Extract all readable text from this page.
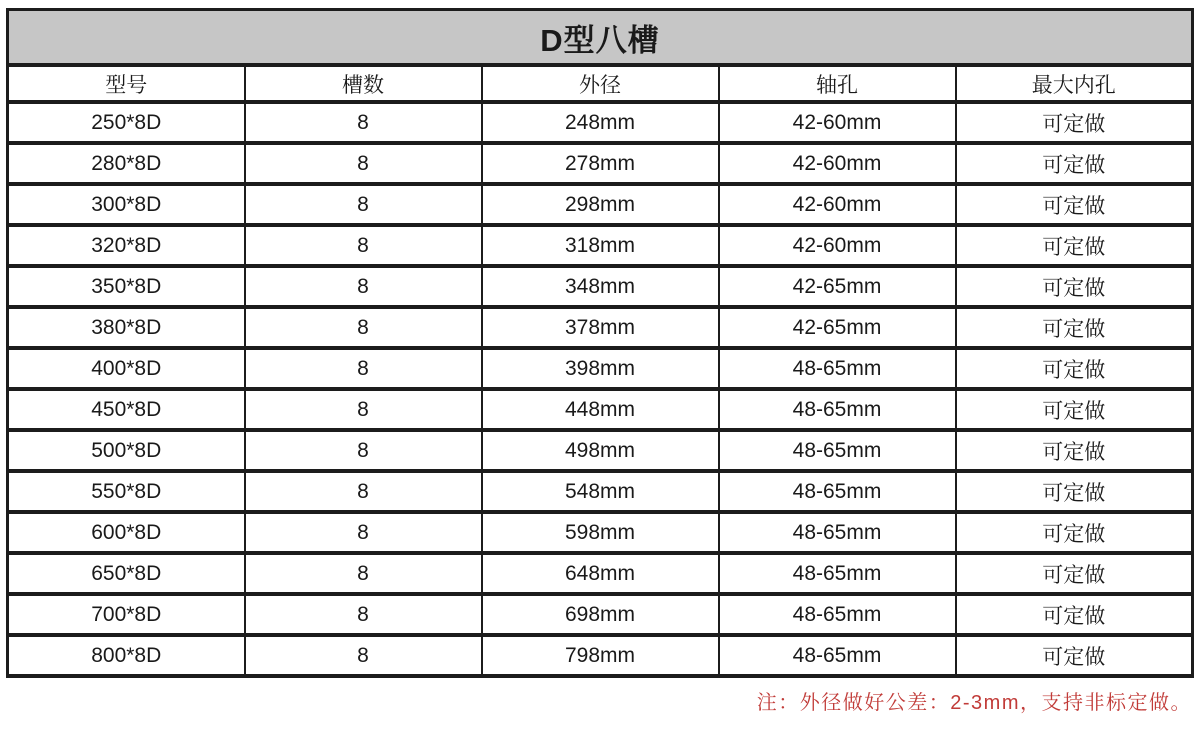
D型八槽				
型号	槽数	外径	轴孔	最大内孔
250*8D	8	248mm	42-60mm	可定做
280*8D	8	278mm	42-60mm	可定做
300*8D	8	298mm	42-60mm	可定做
320*8D	8	318mm	42-60mm	可定做
350*8D	8	348mm	42-65mm	可定做
380*8D	8	378mm	42-65mm	可定做
400*8D	8	398mm	48-65mm	可定做
450*8D	8	448mm	48-65mm	可定做
500*8D	8	498mm	48-65mm	可定做
550*8D	8	548mm	48-65mm	可定做
600*8D	8	598mm	48-65mm	可定做
650*8D	8	648mm	48-65mm	可定做
700*8D	8	698mm	48-65mm	可定做
800*8D	8	798mm	48-65mm	可定做
注：外径做好公差：2-3mm，支持非标定做。
